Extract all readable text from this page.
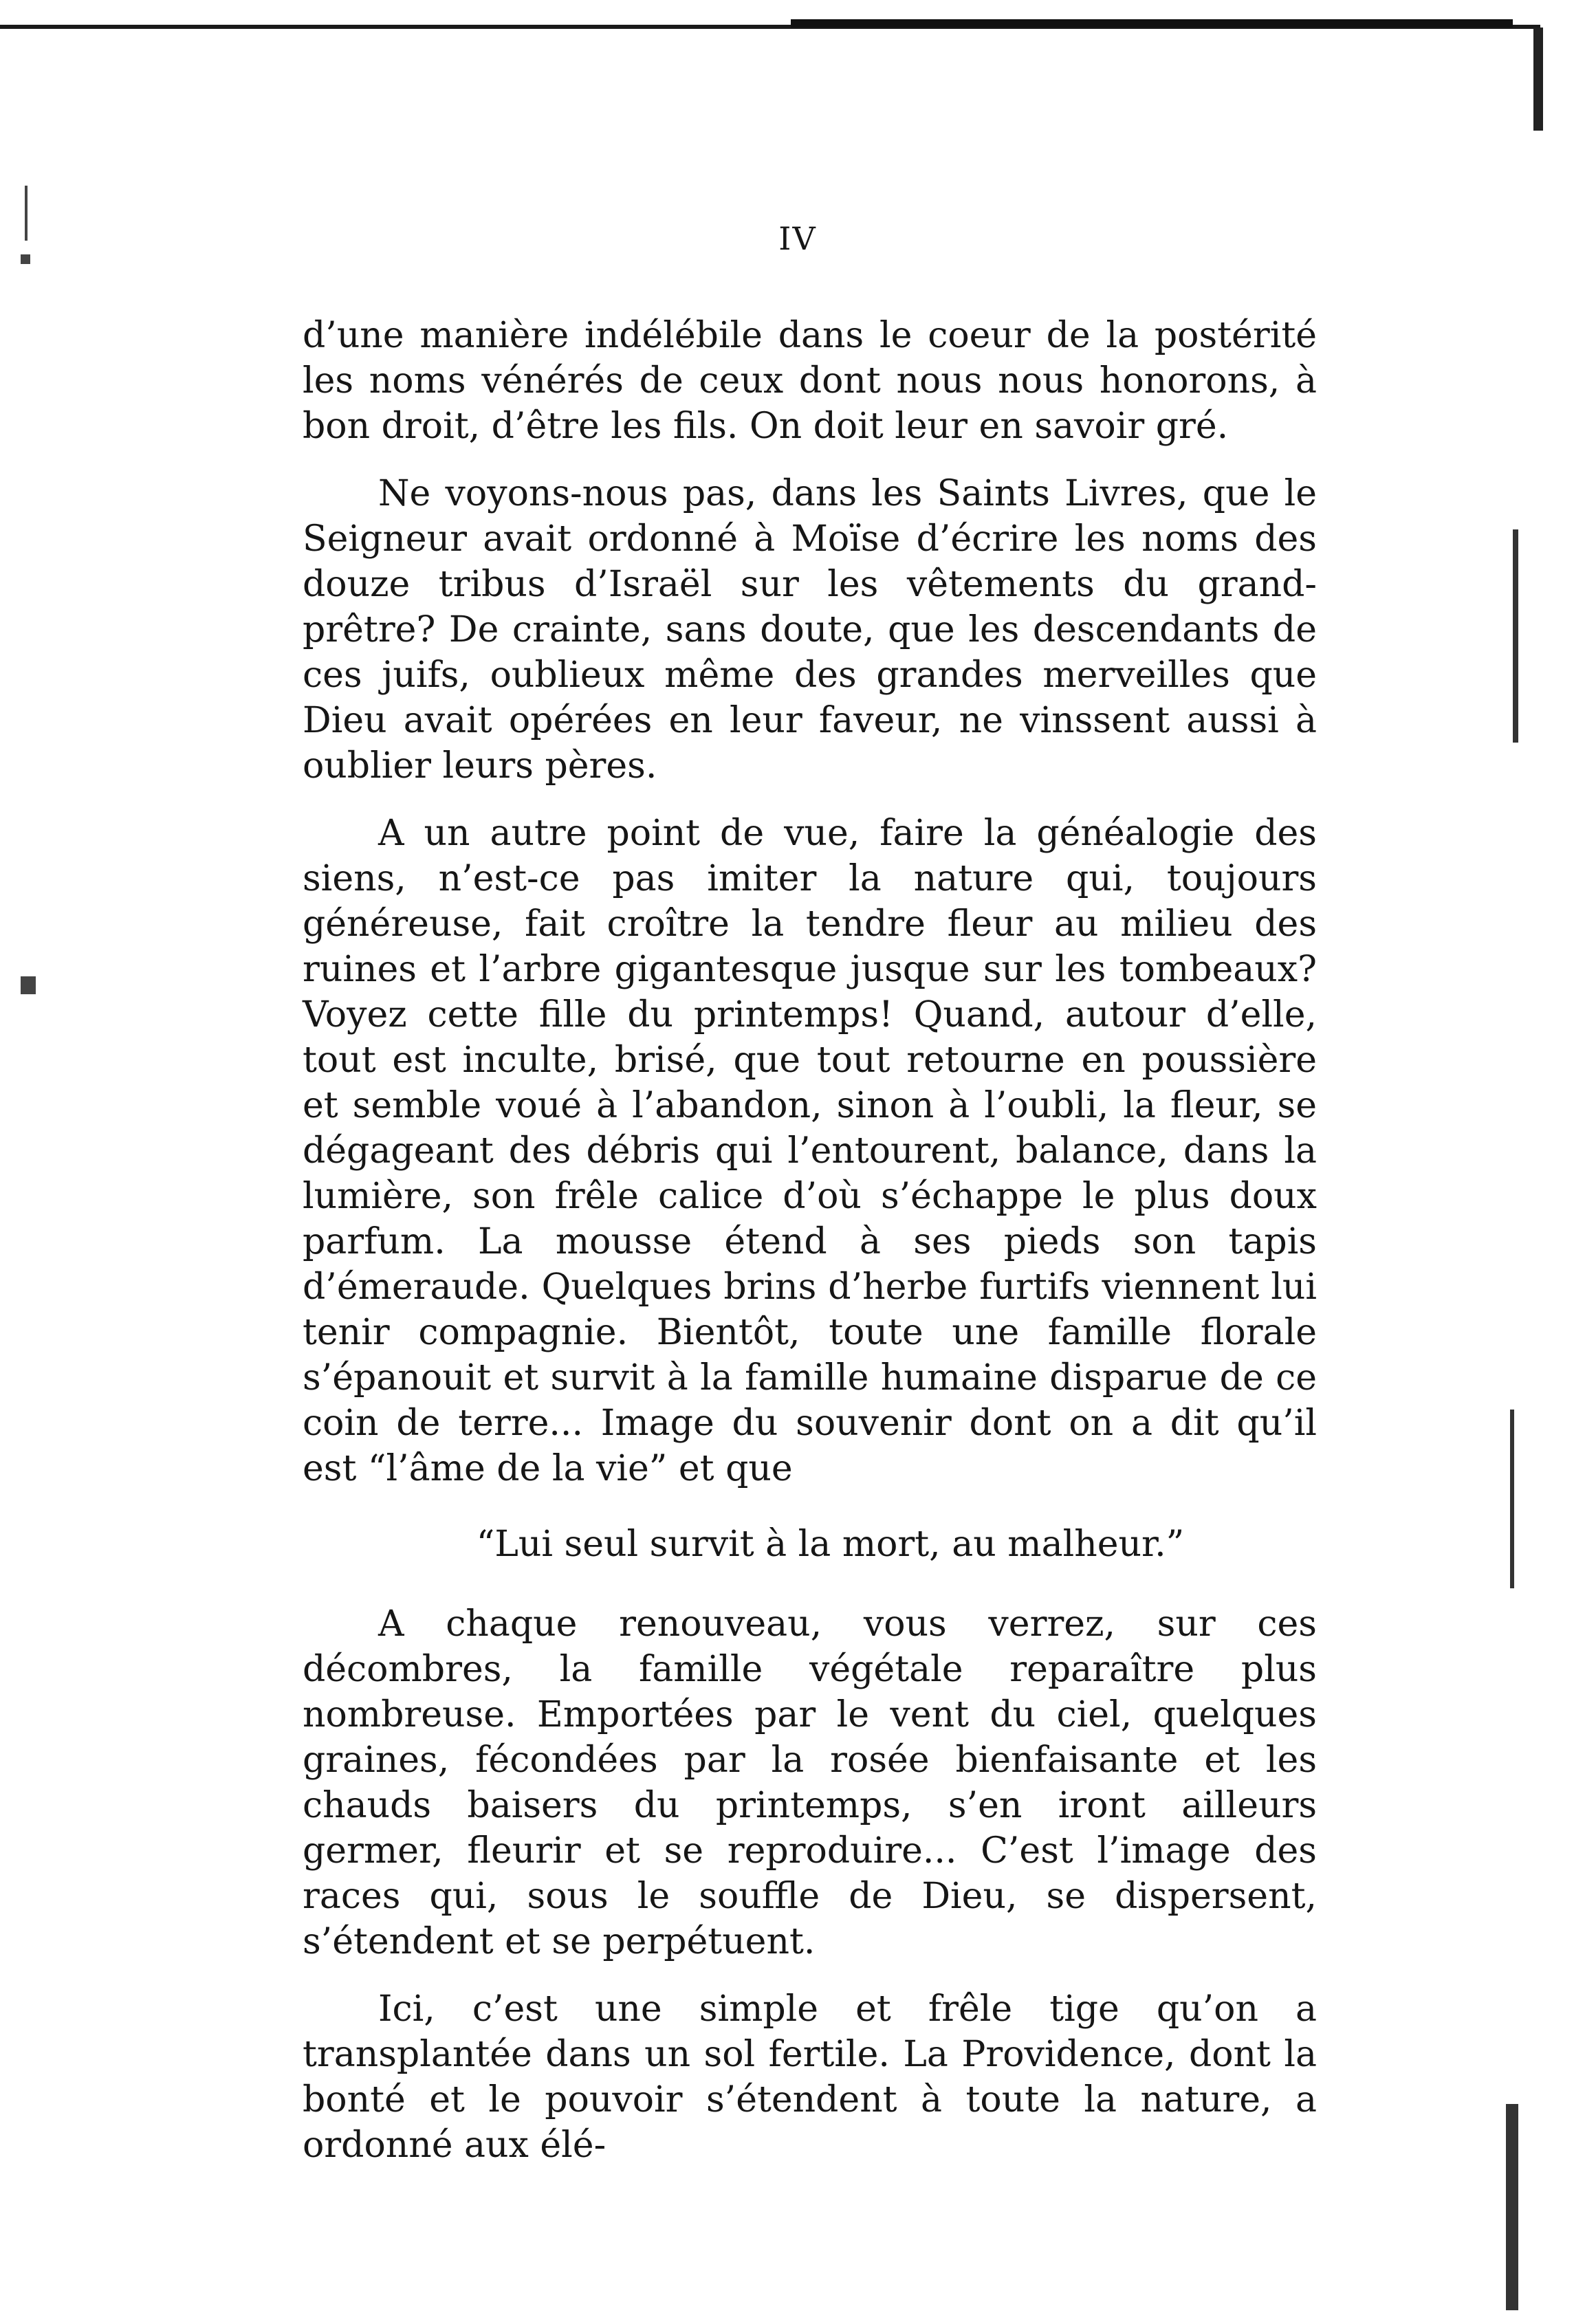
IV

d’une manière indélébile dans le coeur de la postérité les noms vénérés de ceux dont nous nous honorons, à bon droit, d’être les fils. On doit leur en savoir gré.

Ne voyons-nous pas, dans les Saints Livres, que le Seigneur avait ordonné à Moïse d’écrire les noms des douze tribus d’Israël sur les vêtements du grand-prêtre? De crainte, sans doute, que les descendants de ces juifs, oublieux même des grandes merveilles que Dieu avait opérées en leur faveur, ne vinssent aussi à oublier leurs pères.

A un autre point de vue, faire la généalogie des siens, n’est-ce pas imiter la nature qui, toujours généreuse, fait croître la tendre fleur au milieu des ruines et l’arbre gigantesque jusque sur les tombeaux? Voyez cette fille du printemps! Quand, autour d’elle, tout est inculte, brisé, que tout retourne en poussière et semble voué à l’abandon, sinon à l’oubli, la fleur, se dégageant des débris qui l’entourent, balance, dans la lumière, son frêle calice d’où s’échappe le plus doux parfum. La mousse étend à ses pieds son tapis d’émeraude. Quelques brins d’herbe furtifs viennent lui tenir compagnie. Bientôt, toute une famille florale s’épanouit et survit à la famille humaine disparue de ce coin de terre... Image du souvenir dont on a dit qu’il est “l’âme de la vie” et que

“Lui seul survit à la mort, au malheur.”

A chaque renouveau, vous verrez, sur ces décombres, la famille végétale reparaître plus nombreuse. Emportées par le vent du ciel, quelques graines, fécondées par la rosée bienfaisante et les chauds baisers du printemps, s’en iront ailleurs germer, fleurir et se reproduire... C’est l’image des races qui, sous le souffle de Dieu, se dispersent, s’étendent et se perpétuent.

Ici, c’est une simple et frêle tige qu’on a transplantée dans un sol fertile. La Providence, dont la bonté et le pouvoir s’étendent à toute la nature, a ordonné aux élé-
